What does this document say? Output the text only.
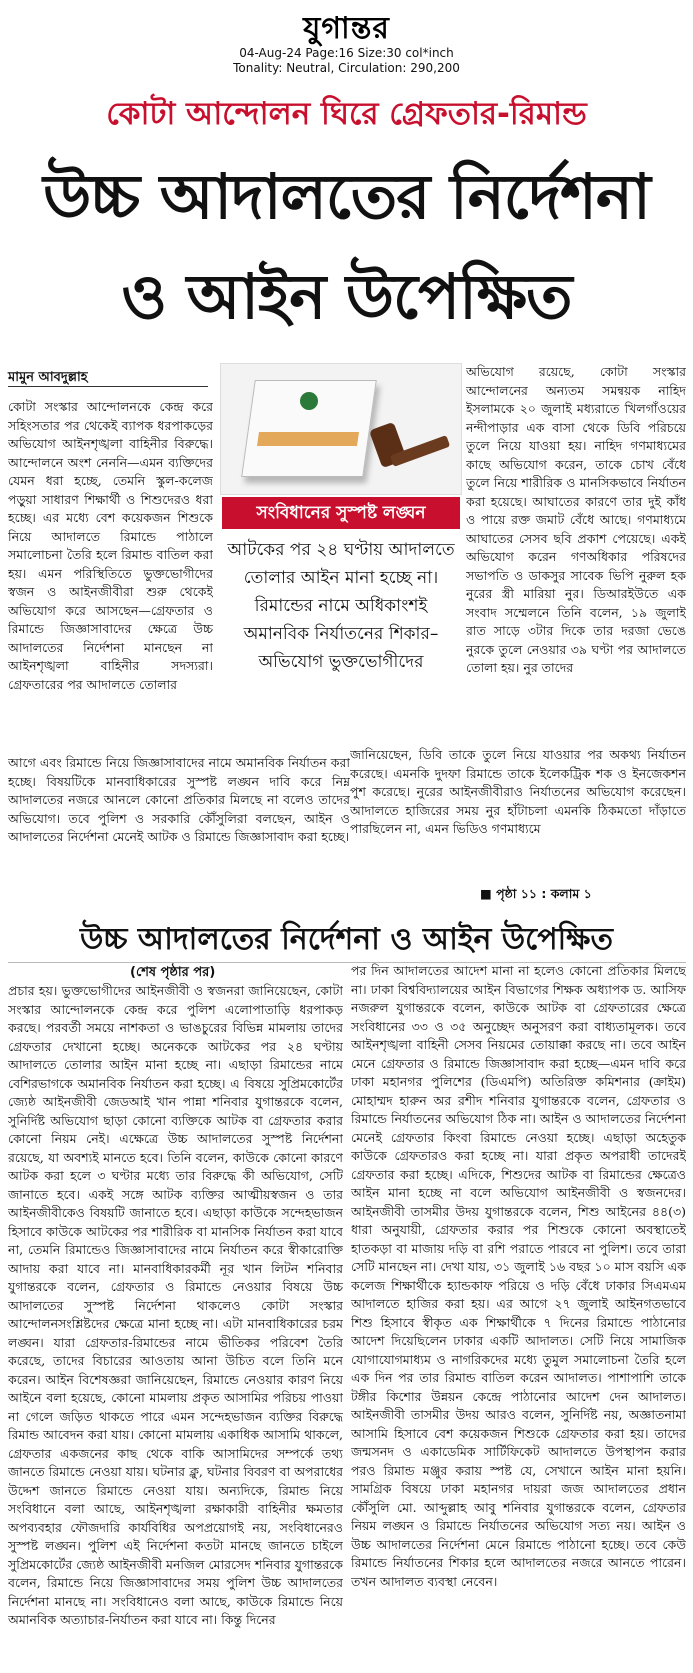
যুগান্তর
04-Aug-24 Page:16 Size:30 col*inch
Tonality: Neutral, Circulation: 290,200
কোটা আন্দোলন ঘিরে গ্রেফতার-রিমান্ড
উচ্চ আদালতের নির্দেশনা
ও আইন উপেক্ষিত
মামুন আবদুল্লাহ
কোটা সংস্কার আন্দোলনকে কেন্দ্র করে সহিংসতার পর থেকেই ব্যাপক ধরপাকড়ের অভিযোগ আইনশৃঙ্খলা বাহিনীর বিরুদ্ধে। আন্দোলনে অংশ নেননি—এমন ব্যক্তিদের যেমন ধরা হচ্ছে, তেমনি স্কুল-কলেজ পড়ুয়া সাধারণ শিক্ষার্থী ও শিশুদেরও ধরা হচ্ছে। এর মধ্যে বেশ কয়েকজন শিশুকে নিয়ে আদালতে রিমান্ডে পাঠালে সমালোচনা তৈরি হলে রিমান্ড বাতিল করা হয়। এমন পরিস্থিতিতে ভুক্তভোগীদের স্বজন ও আইনজীবীরা শুরু থেকেই অভিযোগ করে আসছেন—গ্রেফতার ও রিমান্ডে জিজ্ঞাসাবাদের ক্ষেত্রে উচ্চ আদালতের নির্দেশনা মানছেন না আইনশৃঙ্খলা বাহিনীর সদস্যরা। গ্রেফতারের পর আদালতে তোলার
আগে এবং রিমান্ডে নিয়ে জিজ্ঞাসাবাদের নামে অমানবিক নির্যাতন করা হচ্ছে। বিষয়টিকে মানবাধিকারের সুস্পষ্ট লঙ্ঘন দাবি করে নিম্ন আদালতের নজরে আনলে কোনো প্রতিকার মিলছে না বলেও তাদের অভিযোগ। তবে পুলিশ ও সরকারি কৌঁসুলিরা বলছেন, আইন ও আদালতের নির্দেশনা মেনেই আটক ও রিমান্ডে জিজ্ঞাসাবাদ করা হচ্ছে।
সংবিধানের সুস্পষ্ট লঙ্ঘন
আটকের পর ২৪ ঘণ্টায় আদালতে তোলার আইন মানা হচ্ছে না। রিমান্ডের নামে অধিকাংশই অমানবিক নির্যাতনের শিকার–অভিযোগ ভুক্তভোগীদের
অভিযোগ রয়েছে, কোটা সংস্কার আন্দোলনের অন্যতম সমন্বয়ক নাহিদ ইসলামকে ২০ জুলাই মধ্যরাতে খিলগাঁওয়ের নন্দীপাড়ার এক বাসা থেকে ডিবি পরিচয়ে তুলে নিয়ে যাওয়া হয়। নাহিদ গণমাধ্যমের কাছে অভিযোগ করেন, তাকে চোখ বেঁধে তুলে নিয়ে শারীরিক ও মানসিকভাবে নির্যাতন করা হয়েছে। আঘাতের কারণে তার দুই কাঁধ ও পায়ে রক্ত জমাট বেঁধে আছে। গণমাধ্যমে আঘাতের সেসব ছবি প্রকাশ পেয়েছে। একই অভিযোগ করেন গণঅধিকার পরিষদের সভাপতি ও ডাকসুর সাবেক ভিপি নুরুল হক নুরের স্ত্রী মারিয়া নুর। ডিআরইউতে এক সংবাদ সম্মেলনে তিনি বলেন, ১৯ জুলাই রাত সাড়ে ৩টার দিকে তার দরজা ভেঙে নুরকে তুলে নেওয়ার ৩৯ ঘণ্টা পর আদালতে তোলা হয়। নুর তাদের
জানিয়েছেন, ডিবি তাকে তুলে নিয়ে যাওয়ার পর অকথ্য নির্যাতন করেছে। এমনকি দুদফা রিমান্ডে তাকে ইলেকট্রিক শক ও ইনজেকশন পুশ করেছে। নুরের আইনজীবীরাও নির্যাতনের অভিযোগ করেছেন। আদালতে হাজিরের সময় নুর হাঁটাচলা এমনকি ঠিকমতো দাঁড়াতে পারছিলেন না, এমন ভিডিও গণমাধ্যমে
■ পৃষ্ঠা ১১ : কলাম ১
উচ্চ আদালতের নির্দেশনা ও আইন উপেক্ষিত
(শেষ পৃষ্ঠার পর)
প্রচার হয়। ভুক্তভোগীদের আইনজীবী ও স্বজনরা জানিয়েছেন, কোটা সংস্কার আন্দোলনকে কেন্দ্র করে পুলিশ এলোপাতাড়ি ধরপাকড় করছে। পরবর্তী সময়ে নাশকতা ও ভাঙচুরের বিভিন্ন মামলায় তাদের গ্রেফতার দেখানো হচ্ছে। অনেককে আটকের পর ২৪ ঘণ্টায় আদালতে তোলার আইন মানা হচ্ছে না। এছাড়া রিমান্ডের নামে বেশিরভাগকে অমানবিক নির্যাতন করা হচ্ছে। এ বিষয়ে সুপ্রিমকোর্টের জ্যেষ্ঠ আইনজীবী জেডআই খান পান্না শনিবার যুগান্তরকে বলেন, সুনির্দিষ্ট অভিযোগ ছাড়া কোনো ব্যক্তিকে আটক বা গ্রেফতার করার কোনো নিয়ম নেই। এক্ষেত্রে উচ্চ আদালতের সুস্পষ্ট নির্দেশনা রয়েছে, যা অবশ্যই মানতে হবে। তিনি বলেন, কাউকে কোনো কারণে আটক করা হলে ৩ ঘণ্টার মধ্যে তার বিরুদ্ধে কী অভিযোগ, সেটি জানাতে হবে। একই সঙ্গে আটক ব্যক্তির আত্মীয়স্বজন ও তার আইনজীবীকেও বিষয়টি জানাতে হবে। এছাড়া কাউকে সন্দেহভাজন হিসাবে কাউকে আটকের পর শারীরিক বা মানসিক নির্যাতন করা যাবে না, তেমনি রিমান্ডেও জিজ্ঞাসাবাদের নামে নির্যাতন করে স্বীকারোক্তি আদায় করা যাবে না। মানবাধিকারকর্মী নূর খান লিটন শনিবার যুগান্তরকে বলেন, গ্রেফতার ও রিমান্ডে নেওয়ার বিষয়ে উচ্চ আদালতের সুস্পষ্ট নির্দেশনা থাকলেও কোটা সংস্কার আন্দোলনসংশ্লিষ্টদের ক্ষেত্রে মানা হচ্ছে না। এটা মানবাধিকারের চরম লঙ্ঘন। যারা গ্রেফতার-রিমান্ডের নামে ভীতিকর পরিবেশ তৈরি করেছে, তাদের বিচারের আওতায় আনা উচিত বলে তিনি মনে করেন। আইন বিশেষজ্ঞরা জানিয়েছেন, রিমান্ডে নেওয়ার কারণ নিয়ে আইনে বলা হয়েছে, কোনো মামলায় প্রকৃত আসামির পরিচয় পাওয়া না গেলে জড়িত থাকতে পারে এমন সন্দেহভাজন ব্যক্তির বিরুদ্ধে রিমান্ড আবেদন করা যায়। কোনো মামলায় একাধিক আসামি থাকলে, গ্রেফতার একজনের কাছ থেকে বাকি আসামিদের সম্পর্কে তথ্য জানতে রিমান্ডে নেওয়া যায়। ঘটনার ক্লু, ঘটনার বিবরণ বা অপরাধের উদ্দেশ জানতে রিমান্ডে নেওয়া যায়। অন্যদিকে, রিমান্ড নিয়ে সংবিধানে বলা আছে, আইনশৃঙ্খলা রক্ষাকারী বাহিনীর ক্ষমতার অপব্যবহার ফৌজদারি কার্যবিধির অপপ্রয়োগই নয়, সংবিধানেরও সুস্পষ্ট লঙ্ঘন। পুলিশ এই নির্দেশনা কতটা মানছে জানতে চাইলে সুপ্রিমকোর্টের জ্যেষ্ঠ আইনজীবী মনজিল মোরসেদ শনিবার যুগান্তরকে বলেন, রিমান্ডে নিয়ে জিজ্ঞাসাবাদের সময় পুলিশ উচ্চ আদালতের নির্দেশনা মানছে না। সংবিধানেও বলা আছে, কাউকে রিমান্ডে নিয়ে অমানবিক অত্যাচার-নির্যাতন করা যাবে না। কিন্তু দিনের
পর দিন আদালতের আদেশ মানা না হলেও কোনো প্রতিকার মিলছে না। ঢাকা বিশ্ববিদ্যালয়ের আইন বিভাগের শিক্ষক অধ্যাপক ড. আসিফ নজরুল যুগান্তরকে বলেন, কাউকে আটক বা গ্রেফতারের ক্ষেত্রে সংবিধানের ৩৩ ও ৩৫ অনুচ্ছেদ অনুসরণ করা বাধ্যতামূলক। তবে আইনশৃঙ্খলা বাহিনী সেসব নিয়মের তোয়াক্কা করছে না। তবে আইন মেনে গ্রেফতার ও রিমান্ডে জিজ্ঞাসাবাদ করা হচ্ছে—এমন দাবি করে ঢাকা মহানগর পুলিশের (ডিএমপি) অতিরিক্ত কমিশনার (ক্রাইম) মোহাম্মদ হারুন অর রশীদ শনিবার যুগান্তরকে বলেন, গ্রেফতার ও রিমান্ডে নির্যাতনের অভিযোগ ঠিক না। আইন ও আদালতের নির্দেশনা মেনেই গ্রেফতার কিংবা রিমান্ডে নেওয়া হচ্ছে। এছাড়া অহেতুক কাউকে গ্রেফতারও করা হচ্ছে না। যারা প্রকৃত অপরাধী তাদেরই গ্রেফতার করা হচ্ছে। এদিকে, শিশুদের আটক বা রিমান্ডের ক্ষেত্রেও আইন মানা হচ্ছে না বলে অভিযোগ আইনজীবী ও স্বজনদের। আইনজীবী তাসমীর উদয় যুগান্তরকে বলেন, শিশু আইনের ৪৪(৩) ধারা অনুযায়ী, গ্রেফতার করার পর শিশুকে কোনো অবস্থাতেই হাতকড়া বা মাজায় দড়ি বা রশি পরাতে পারবে না পুলিশ। তবে তারা সেটি মানছেন না। দেখা যায়, ৩১ জুলাই ১৬ বছর ১০ মাস বয়সি এক কলেজ শিক্ষার্থীকে হ্যান্ডকাফ পরিয়ে ও দড়ি বেঁধে ঢাকার সিএমএম আদালতে হাজির করা হয়। এর আগে ২৭ জুলাই আইনগতভাবে শিশু হিসাবে স্বীকৃত এক শিক্ষার্থীকে ৭ দিনের রিমান্ডে পাঠানোর আদেশ দিয়েছিলেন ঢাকার একটি আদালত। সেটি নিয়ে সামাজিক যোগাযোগমাধ্যম ও নাগরিকদের মধ্যে তুমুল সমালোচনা তৈরি হলে এক দিন পর তার রিমান্ড বাতিল করেন আদালত। পাশাপাশি তাকে টঙ্গীর কিশোর উন্নয়ন কেন্দ্রে পাঠানোর আদেশ দেন আদালত। আইনজীবী তাসমীর উদয় আরও বলেন, সুনির্দিষ্ট নয়, অজ্ঞাতনামা আসামি হিসাবে বেশ কয়েকজন শিশুকে গ্রেফতার করা হয়। তাদের জন্মসনদ ও একাডেমিক সার্টিফিকেট আদালতে উপস্থাপন করার পরও রিমান্ড মঞ্জুর করায় স্পষ্ট যে, সেখানে আইন মানা হয়নি। সামগ্রিক বিষয়ে ঢাকা মহানগর দায়রা জজ আদালতের প্রধান কৌঁসুলি মো. আব্দুল্লাহ আবু শনিবার যুগান্তরকে বলেন, গ্রেফতার নিয়ম লঙ্ঘন ও রিমান্ডে নির্যাতনের অভিযোগ সত্য নয়। আইন ও উচ্চ আদালতের নির্দেশনা মেনে রিমান্ডে পাঠানো হচ্ছে। তবে কেউ রিমান্ডে নির্যাতনের শিকার হলে আদালতের নজরে আনতে পারেন। তখন আদালত ব্যবস্থা নেবেন।
